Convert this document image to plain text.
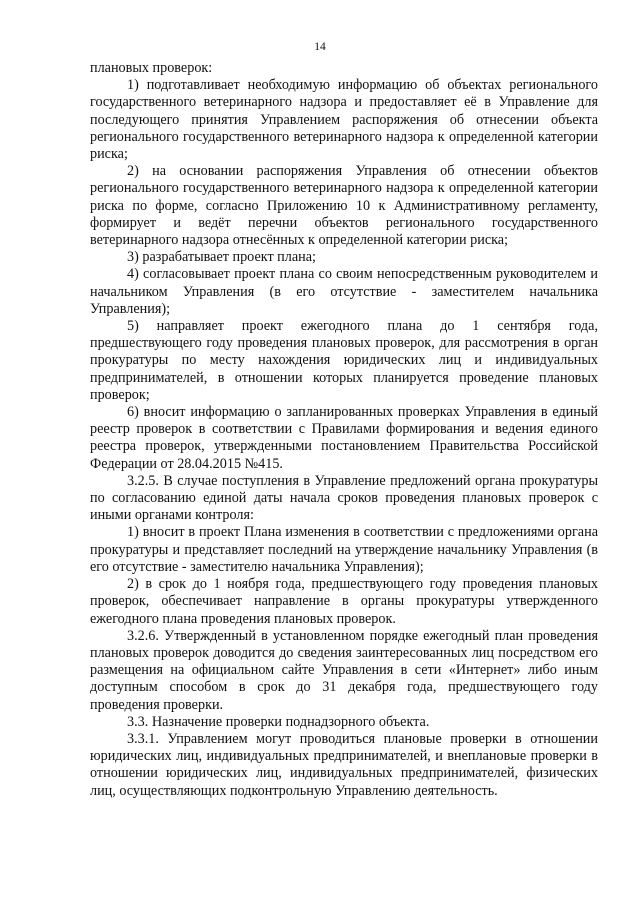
14

плановых проверок:

1) подготавливает необходимую информацию об объектах регионального государственного ветеринарного надзора и предоставляет её в Управление для последующего принятия Управлением распоряжения об отнесении объекта регионального государственного ветеринарного надзора к определенной категории риска;

2) на основании распоряжения Управления об отнесении объектов регионального государственного ветеринарного надзора к определенной категории риска по форме, согласно Приложению 10 к Административному регламенту, формирует и ведёт перечни объектов регионального государственного ветеринарного надзора отнесённых к определенной категории риска;

3) разрабатывает проект плана;

4) согласовывает проект плана со своим непосредственным руководителем и начальником Управления (в его отсутствие - заместителем начальника Управления);

5) направляет проект ежегодного плана до 1 сентября года, предшествующего году проведения плановых проверок, для рассмотрения в орган прокуратуры по месту нахождения юридических лиц и индивидуальных предпринимателей, в отношении которых планируется проведение плановых проверок;

6) вносит информацию о запланированных проверках Управления в единый реестр проверок в соответствии с Правилами формирования и ведения единого реестра проверок, утвержденными постановлением Правительства Российской Федерации от 28.04.2015 №415.

3.2.5. В случае поступления в Управление предложений органа прокуратуры по согласованию единой даты начала сроков проведения плановых проверок с иными органами контроля:

1) вносит в проект Плана изменения в соответствии с предложениями органа прокуратуры и представляет последний на утверждение начальнику Управления (в его отсутствие - заместителю начальника Управления);

2) в срок до 1 ноября года, предшествующего году проведения плановых проверок, обеспечивает направление в органы прокуратуры утвержденного ежегодного плана проведения плановых проверок.

3.2.6. Утвержденный в установленном порядке ежегодный план проведения плановых проверок доводится до сведения заинтересованных лиц посредством его размещения на официальном сайте Управления в сети «Интернет» либо иным доступным способом в срок до 31 декабря года, предшествующего году проведения проверки.

3.3. Назначение проверки поднадзорного объекта.

3.3.1. Управлением могут проводиться плановые проверки в отношении юридических лиц, индивидуальных предпринимателей, и внеплановые проверки в отношении юридических лиц, индивидуальных предпринимателей, физических лиц, осуществляющих подконтрольную Управлению деятельность.
